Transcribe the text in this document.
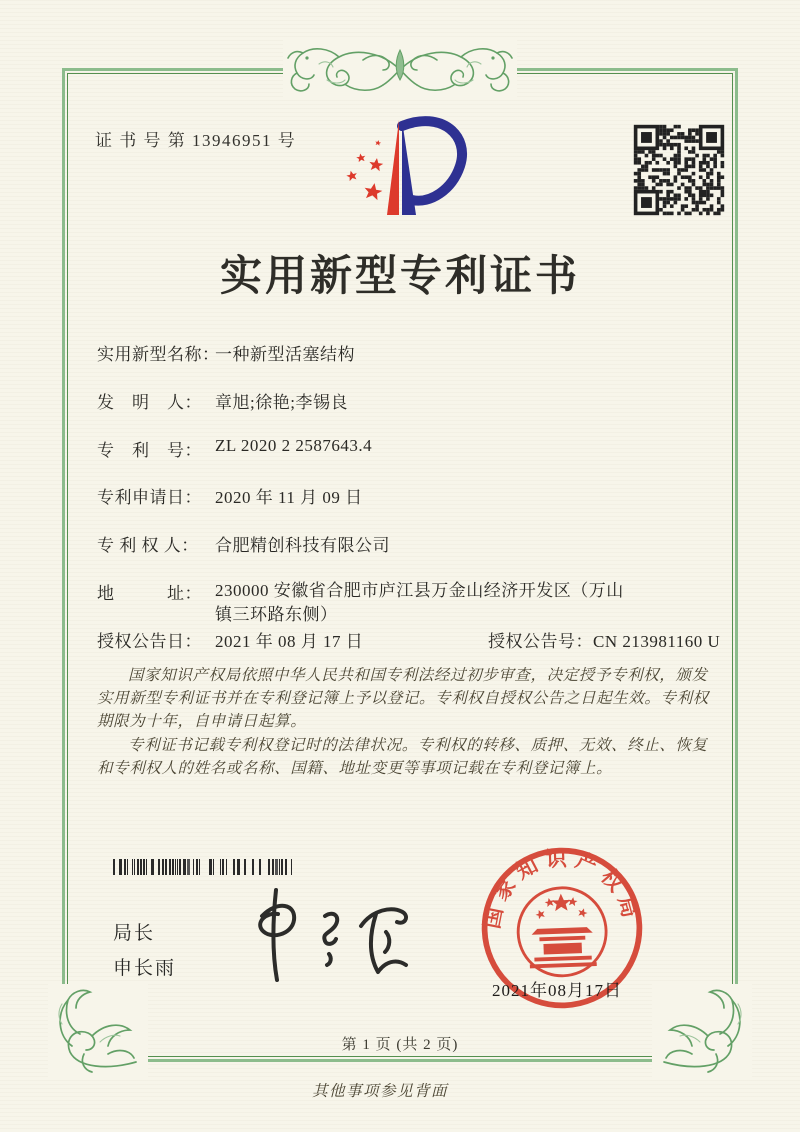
证 书 号 第 13946951 号
实用新型专利证书
实用新型名称：一种新型活塞结构
发　明　人： 章旭;徐艳;李锡良
专　利　号： ZL 2020 2 2587643.4
专利申请日： 2020 年 11 月 09 日
专 利 权 人： 合肥精创科技有限公司
地　　　址： 230000 安徽省合肥市庐江县万金山经济开发区（万山镇三环路东侧）
授权公告日： 2021 年 08 月 17 日	授权公告号：CN 213981160 U

国家知识产权局依照中华人民共和国专利法经过初步审查，决定授予专利权，颁发实用新型专利证书并在专利登记簿上予以登记。专利权自授权公告之日起生效。专利权期限为十年，自申请日起算。

专利证书记载专利权登记时的法律状况。专利权的转移、质押、无效、终止、恢复和专利权人的姓名或名称、国籍、地址变更等事项记载在专利登记簿上。

局长
申长雨
国家知识产权局
2021年08月17日
第 1 页 (共 2 页)
其他事项参见背面
